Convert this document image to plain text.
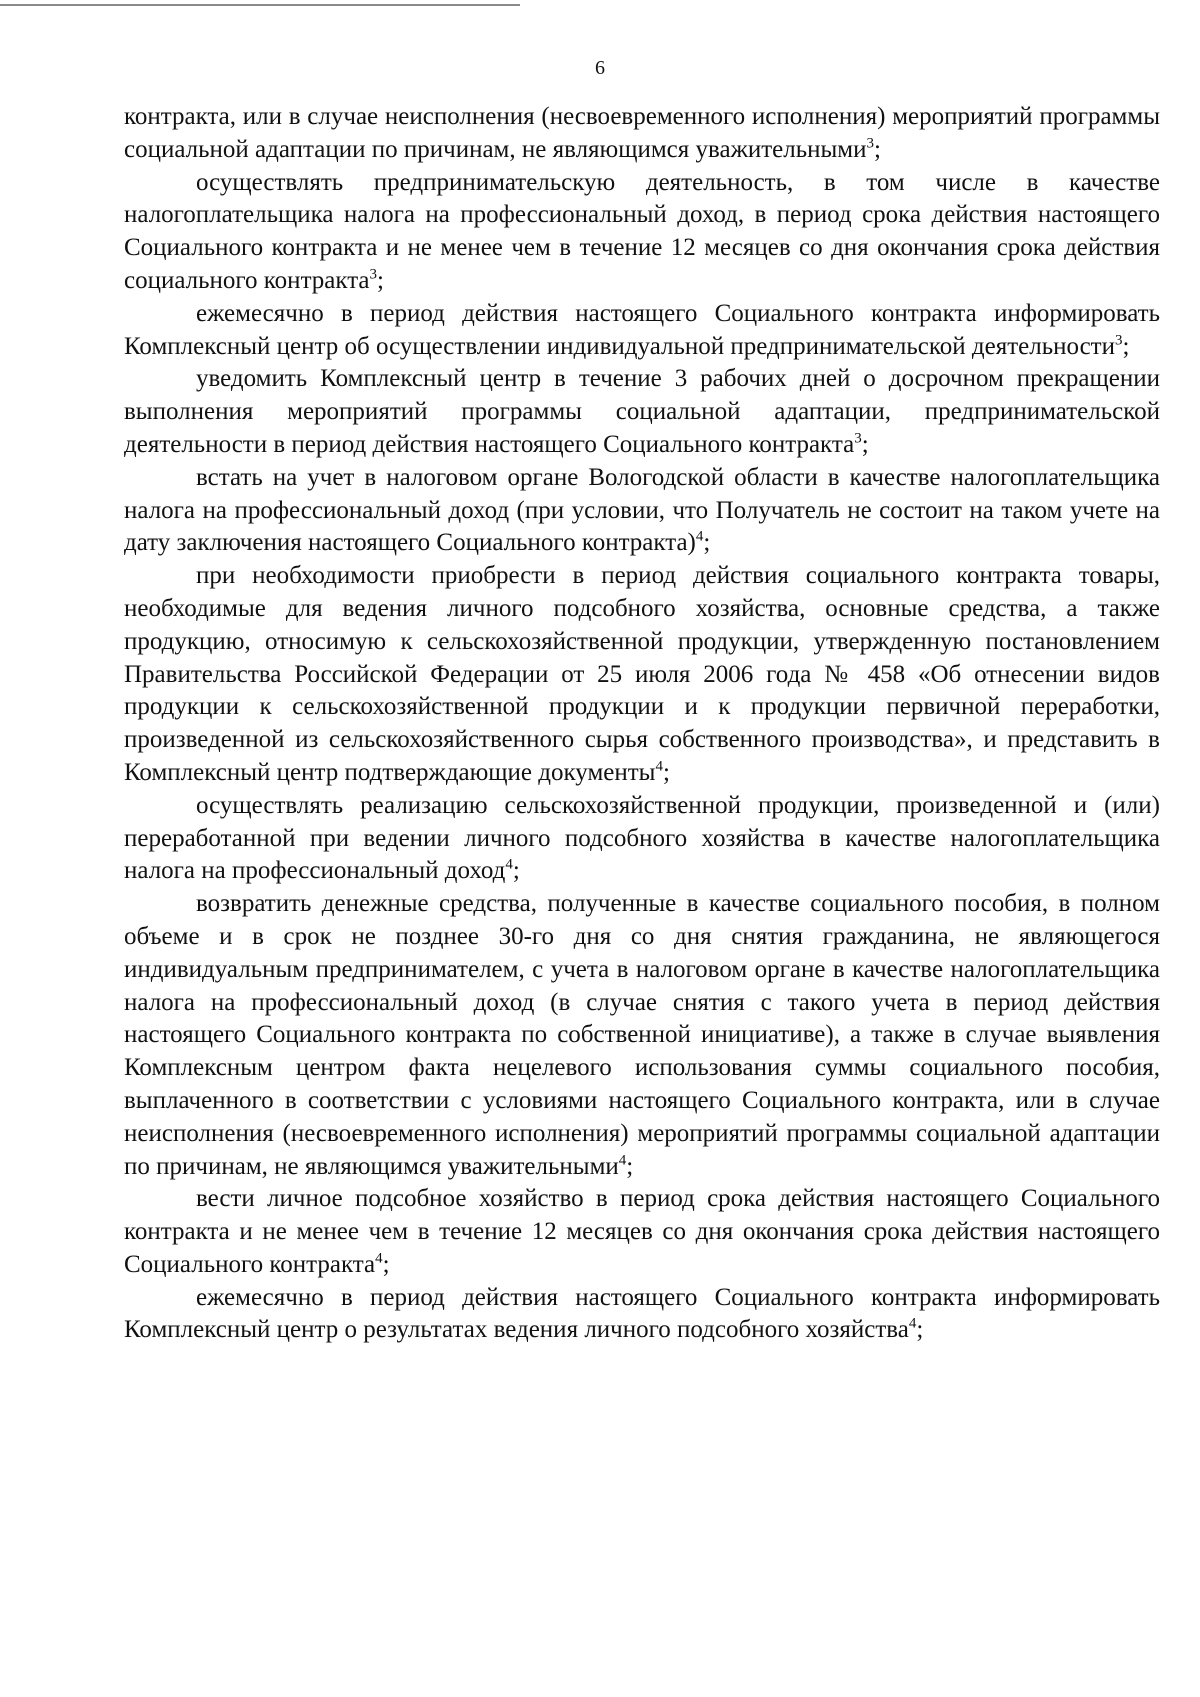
6

контракта, или в случае неисполнения (несвоевременного исполнения) мероприятий программы социальной адаптации по причинам, не являющимся уважительными$^3$;

осуществлять предпринимательскую деятельность, в том числе в качестве налогоплательщика налога на профессиональный доход, в период срока действия настоящего Социального контракта и не менее чем в течение 12 месяцев со дня окончания срока действия социального контракта$^3$;

ежемесячно в период действия настоящего Социального контракта информировать Комплексный центр об осуществлении индивидуальной предпринимательской деятельности$^3$;

уведомить Комплексный центр в течение 3 рабочих дней о досрочном прекращении выполнения мероприятий программы социальной адаптации, предпринимательской деятельности в период действия настоящего Социального контракта$^3$;

встать на учет в налоговом органе Вологодской области в качестве налогоплательщика налога на профессиональный доход (при условии, что Получатель не состоит на таком учете на дату заключения настоящего Социального контракта)$^4$;

при необходимости приобрести в период действия социального контракта товары, необходимые для ведения личного подсобного хозяйства, основные средства, а также продукцию, относимую к сельскохозяйственной продукции, утвержденную постановлением Правительства Российской Федерации от 25 июля 2006 года № 458 «Об отнесении видов продукции к сельскохозяйственной продукции и к продукции первичной переработки, произведенной из сельскохозяйственного сырья собственного производства», и представить в Комплексный центр подтверждающие документы$^4$;

осуществлять реализацию сельскохозяйственной продукции, произведенной и (или) переработанной при ведении личного подсобного хозяйства в качестве налогоплательщика налога на профессиональный доход$^4$;

возвратить денежные средства, полученные в качестве социального пособия, в полном объеме и в срок не позднее 30-го дня со дня снятия гражданина, не являющегося индивидуальным предпринимателем, с учета в налоговом органе в качестве налогоплательщика налога на профессиональный доход (в случае снятия с такого учета в период действия настоящего Социального контракта по собственной инициативе), а также в случае выявления Комплексным центром факта нецелевого использования суммы социального пособия, выплаченного в соответствии с условиями настоящего Социального контракта, или в случае неисполнения (несвоевременного исполнения) мероприятий программы социальной адаптации по причинам, не являющимся уважительными$^4$;

вести личное подсобное хозяйство в период срока действия настоящего Социального контракта и не менее чем в течение 12 месяцев со дня окончания срока действия настоящего Социального контракта$^4$;

ежемесячно в период действия настоящего Социального контракта информировать Комплексный центр о результатах ведения личного подсобного хозяйства$^4$;
